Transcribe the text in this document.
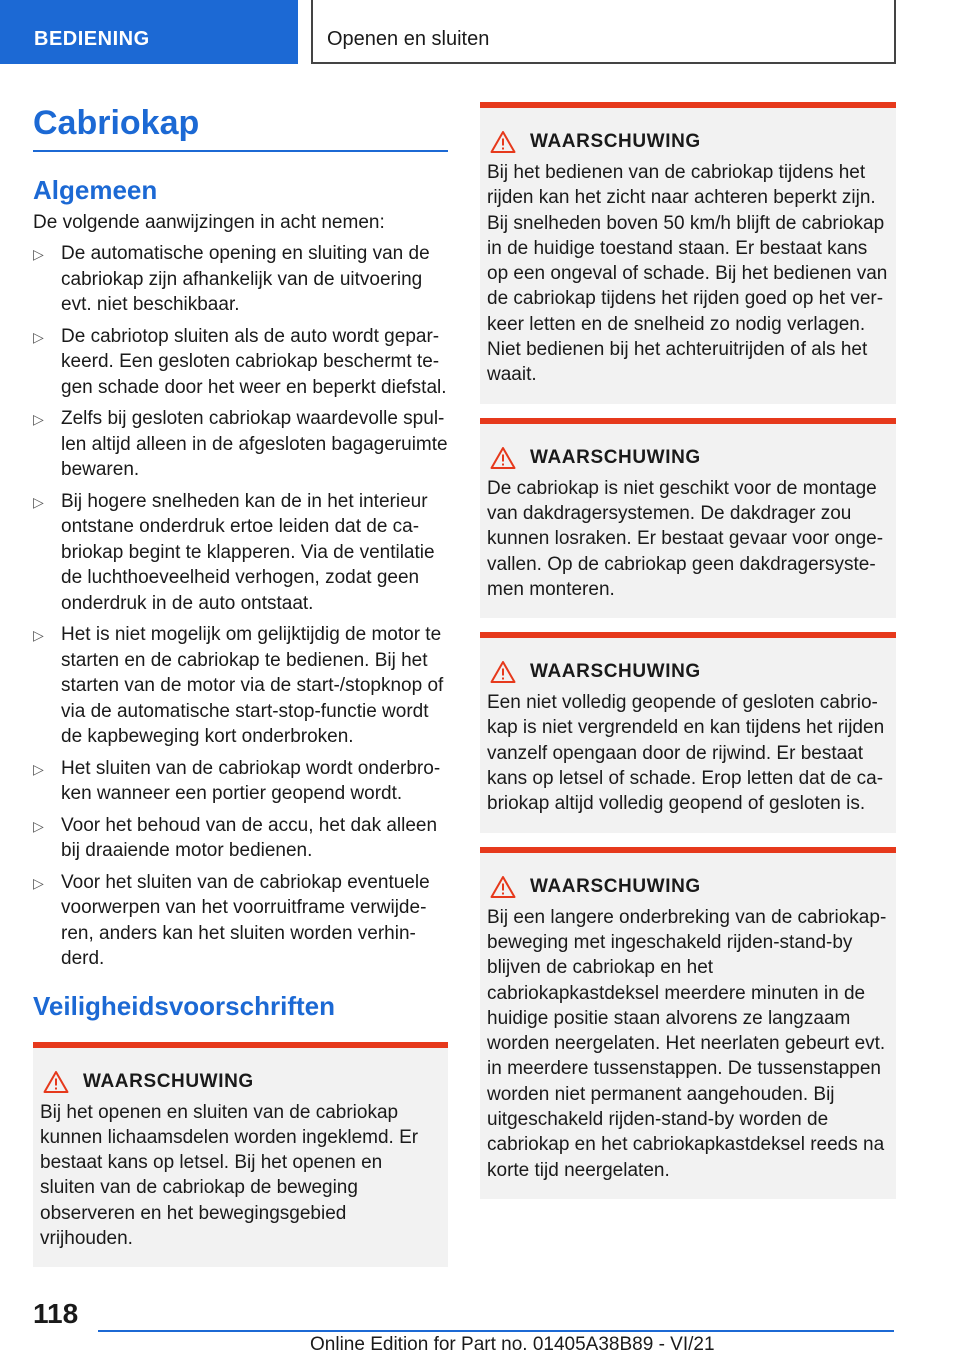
BEDIENING	Openen en sluiten
Cabriokap
Algemeen
De volgende aanwijzingen in acht nemen:
▷ De automatische opening en sluiting van de cabriokap zijn afhankelijk van de uitvoering evt. niet beschikbaar.
▷ De cabriotop sluiten als de auto wordt geparkeerd. Een gesloten cabriokap beschermt tegen schade door het weer en beperkt diefstal.
▷ Zelfs bij gesloten cabriokap waardevolle spullen altijd alleen in de afgesloten bagageruimte bewaren.
▷ Bij hogere snelheden kan de in het interieur ontstane onderdruk ertoe leiden dat de cabriokap begint te klapperen. Via de ventilatie de luchthoeveelheid verhogen, zodat geen onderdruk in de auto ontstaat.
▷ Het is niet mogelijk om gelijktijdig de motor te starten en de cabriokap te bedienen. Bij het starten van de motor via de start-/stopknop of via de automatische start-stop-functie wordt de kapbeweging kort onderbroken.
▷ Het sluiten van de cabriokap wordt onderbroken wanneer een portier geopend wordt.
▷ Voor het behoud van de accu, het dak alleen bij draaiende motor bedienen.
▷ Voor het sluiten van de cabriokap eventuele voorwerpen van het voorruitframe verwijderen, anders kan het sluiten worden verhinderd.
Veiligheidsvoorschriften
WAARSCHUWING
Bij het openen en sluiten van de cabriokap kunnen lichaamsdelen worden ingeklemd. Er bestaat kans op letsel. Bij het openen en sluiten van de cabriokap de beweging observeren en het bewegingsgebied vrijhouden.
WAARSCHUWING
Bij het bedienen van de cabriokap tijdens het rijden kan het zicht naar achteren beperkt zijn. Bij snelheden boven 50 km/h blijft de cabriokap in de huidige toestand staan. Er bestaat kans op een ongeval of schade. Bij het bedienen van de cabriokap tijdens het rijden goed op het verkeer letten en de snelheid zo nodig verlagen. Niet bedienen bij het achteruitrijden of als het waait.
WAARSCHUWING
De cabriokap is niet geschikt voor de montage van dakdragersystemen. De dakdrager zou kunnen losraken. Er bestaat gevaar voor ongevallen. Op de cabriokap geen dakdragersystemen monteren.
WAARSCHUWING
Een niet volledig geopende of gesloten cabriokap is niet vergrendeld en kan tijdens het rijden vanzelf opengaan door de rijwind. Er bestaat kans op letsel of schade. Erop letten dat de cabriokap altijd volledig geopend of gesloten is.
WAARSCHUWING
Bij een langere onderbreking van de cabriokapbeweging met ingeschakeld rijden-stand-by blijven de cabriokap en het cabriokapkastdeksel meerdere minuten in de huidige positie staan alvorens ze langzaam worden neergelaten. Het neerlaten gebeurt evt. in meerdere tussenstappen. De tussenstappen worden niet permanent aangehouden. Bij uitgeschakeld rijden-stand-by worden de cabriokap en het cabriokapkastdeksel reeds na korte tijd neergelaten.
118
Online Edition for Part no. 01405A38B89 - VI/21
